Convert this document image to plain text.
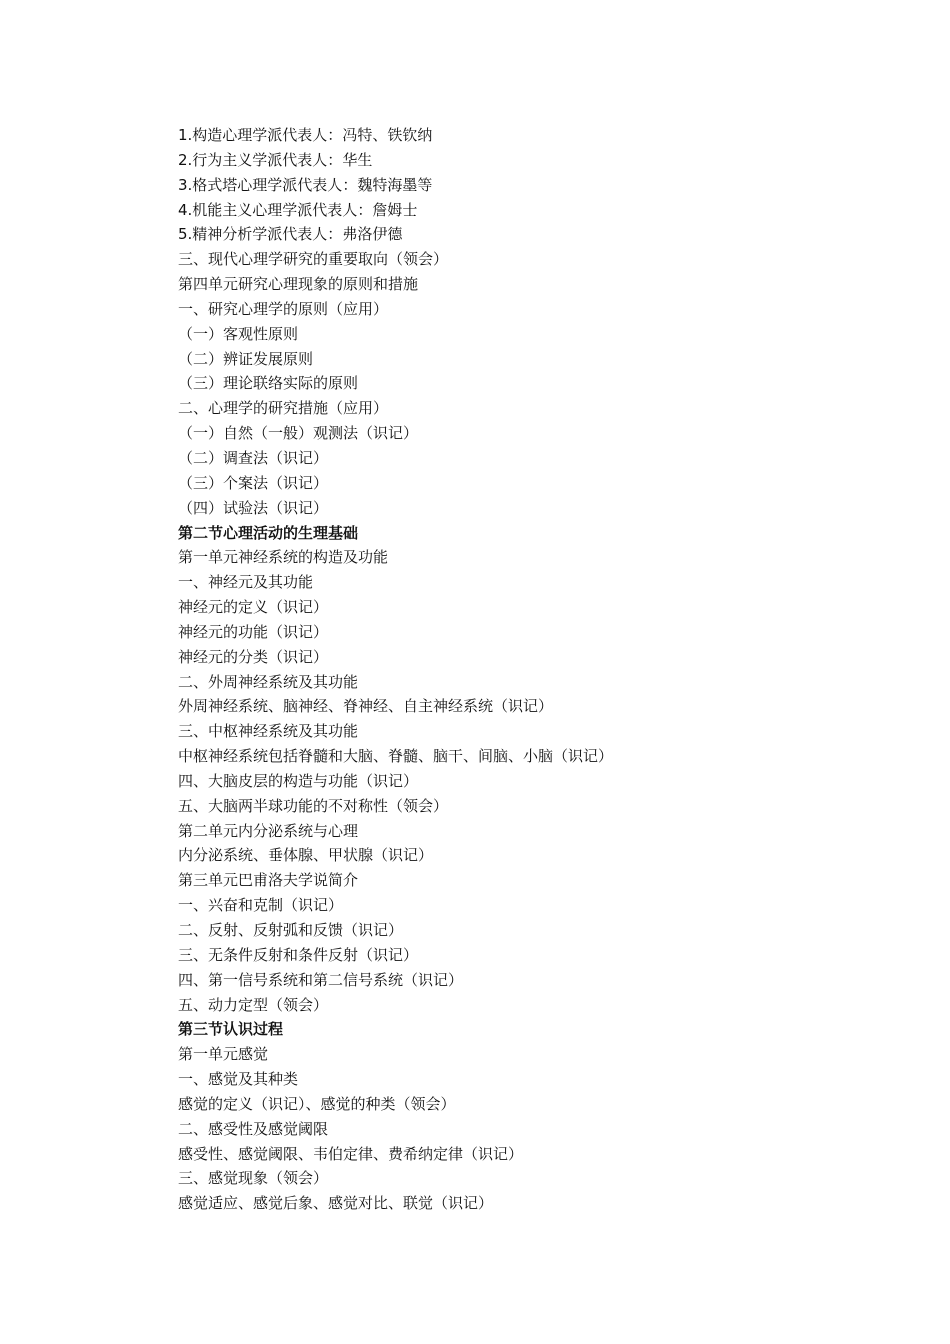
1.构造心理学派代表人：冯特、铁钦纳
2.行为主义学派代表人：华生
3.格式塔心理学派代表人：魏特海墨等
4.机能主义心理学派代表人：詹姆士
5.精神分析学派代表人：弗洛伊德
三、现代心理学研究的重要取向（领会）
第四单元研究心理现象的原则和措施
一、研究心理学的原则（应用）
（一）客观性原则
（二）辨证发展原则
（三）理论联络实际的原则
二、心理学的研究措施（应用）
（一）自然（一般）观测法（识记）
（二）调查法（识记）
（三）个案法（识记）
（四）试验法（识记）
第二节心理活动的生理基础
第一单元神经系统的构造及功能
一、神经元及其功能
神经元的定义（识记）
神经元的功能（识记）
神经元的分类（识记）
二、外周神经系统及其功能
外周神经系统、脑神经、脊神经、自主神经系统（识记）
三、中枢神经系统及其功能
中枢神经系统包括脊髓和大脑、脊髓、脑干、间脑、小脑（识记）
四、大脑皮层的构造与功能（识记）
五、大脑两半球功能的不对称性（领会）
第二单元内分泌系统与心理
内分泌系统、垂体腺、甲状腺（识记）
第三单元巴甫洛夫学说简介
一、兴奋和克制（识记）
二、反射、反射弧和反馈（识记）
三、无条件反射和条件反射（识记）
四、第一信号系统和第二信号系统（识记）
五、动力定型（领会）
第三节认识过程
第一单元感觉
一、感觉及其种类
感觉的定义（识记）、感觉的种类（领会）
二、感受性及感觉阈限
感受性、感觉阈限、韦伯定律、费希纳定律（识记）
三、感觉现象（领会）
感觉适应、感觉后象、感觉对比、联觉（识记）
